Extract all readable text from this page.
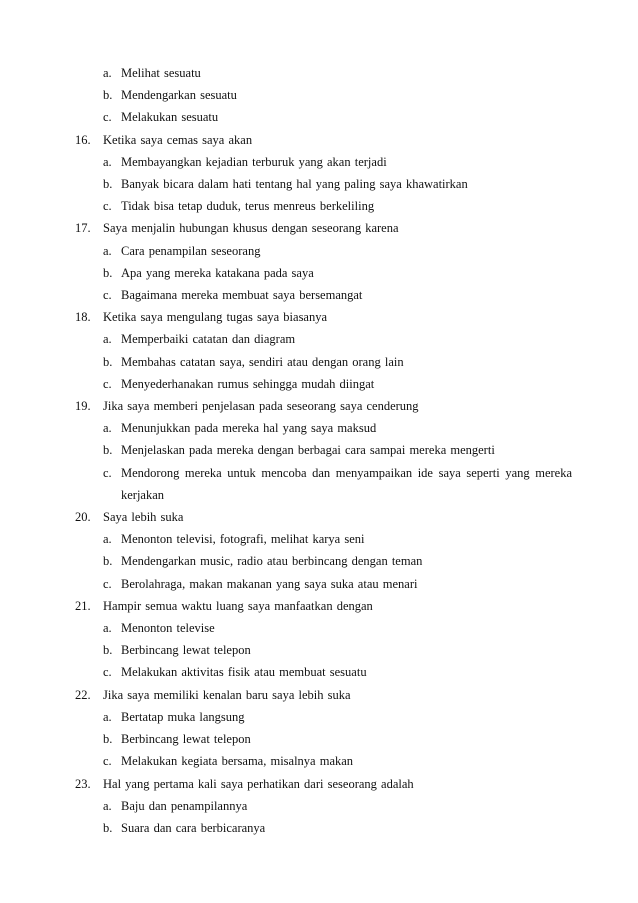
a. Melihat sesuatu
b. Mendengarkan sesuatu
c. Melakukan sesuatu
16. Ketika saya cemas saya akan
a. Membayangkan kejadian terburuk yang akan terjadi
b. Banyak bicara dalam hati tentang hal yang paling saya khawatirkan
c. Tidak bisa tetap duduk, terus menreus berkeliling
17. Saya menjalin hubungan khusus dengan seseorang karena
a. Cara penampilan seseorang
b. Apa yang mereka katakana pada saya
c. Bagaimana mereka membuat saya bersemangat
18. Ketika saya mengulang tugas saya biasanya
a. Memperbaiki catatan dan diagram
b. Membahas catatan saya, sendiri atau dengan orang lain
c. Menyederhanakan rumus sehingga mudah diingat
19. Jika saya memberi penjelasan pada seseorang saya cenderung
a. Menunjukkan pada mereka hal yang saya maksud
b. Menjelaskan pada mereka dengan berbagai cara sampai mereka mengerti
c. Mendorong mereka untuk mencoba dan menyampaikan ide saya seperti yang mereka kerjakan
20. Saya lebih suka
a. Menonton televisi, fotografi, melihat karya seni
b. Mendengarkan music, radio atau berbincang dengan teman
c. Berolahraga, makan makanan yang saya suka atau menari
21. Hampir semua waktu luang saya manfaatkan dengan
a. Menonton televise
b. Berbincang lewat telepon
c. Melakukan aktivitas fisik atau membuat sesuatu
22. Jika saya memiliki kenalan baru saya lebih suka
a. Bertatap muka langsung
b. Berbincang lewat telepon
c. Melakukan kegiata bersama, misalnya makan
23. Hal yang pertama kali saya perhatikan dari seseorang adalah
a. Baju dan penampilannya
b. Suara dan cara berbicaranya
